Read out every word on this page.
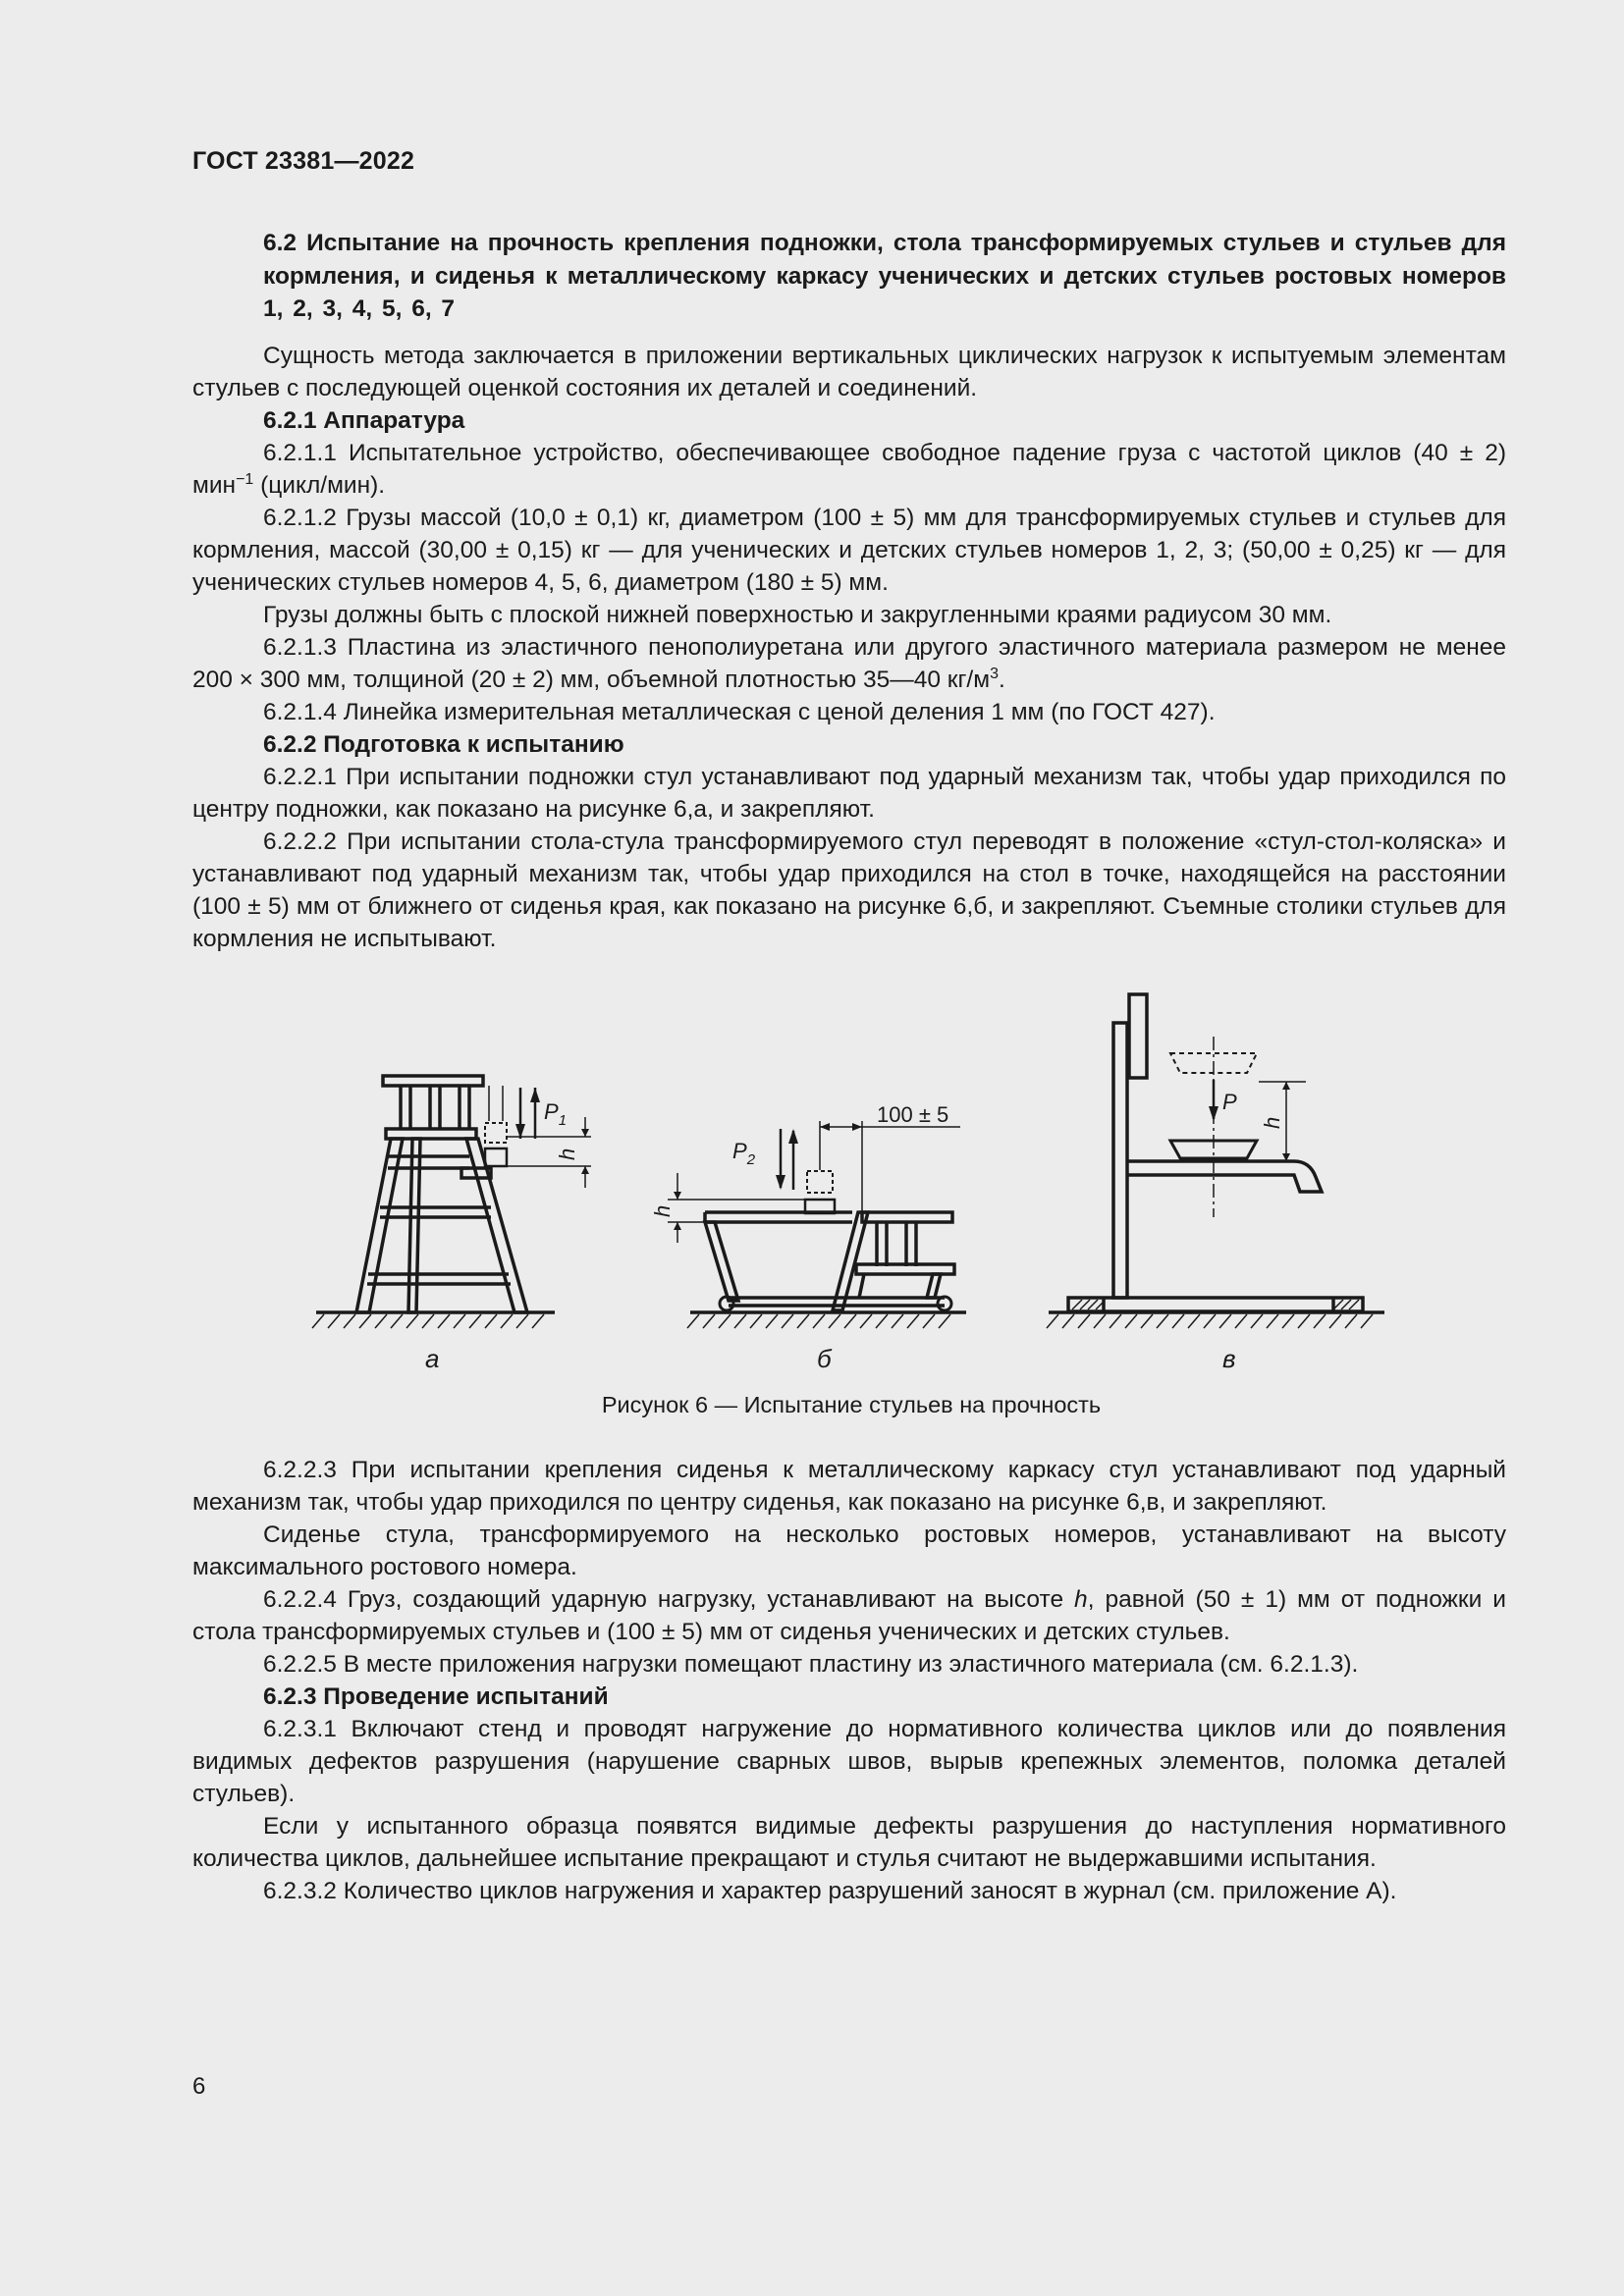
ГОСТ 23381—2022

6.2 Испытание на прочность крепления подножки, стола трансформируемых стульев и стульев для кормления, и сиденья к металлическому каркасу ученических и детских стульев ростовых номеров 1, 2, 3, 4, 5, 6, 7

Сущность метода заключается в приложении вертикальных циклических нагрузок к испытуемым элементам стульев с последующей оценкой состояния их деталей и соединений.

6.2.1 Аппаратура

6.2.1.1 Испытательное устройство, обеспечивающее свободное падение груза с частотой циклов (40 ± 2) мин$^{-1}$ (цикл/мин).

6.2.1.2 Грузы массой (10,0 ± 0,1) кг, диаметром (100 ± 5) мм для трансформируемых стульев и стульев для кормления, массой (30,00 ± 0,15) кг — для ученических и детских стульев номеров 1, 2, 3; (50,00 ± 0,25) кг — для ученических стульев номеров 4, 5, 6, диаметром (180 ± 5) мм.

Грузы должны быть с плоской нижней поверхностью и закругленными краями радиусом 30 мм.

6.2.1.3 Пластина из эластичного пенополиуретана или другого эластичного материала размером не менее 200 × 300 мм, толщиной (20 ± 2) мм, объемной плотностью 35—40 $кг/м^3$.

6.2.1.4 Линейка измерительная металлическая с ценой деления 1 мм (по ГОСТ 427).

6.2.2 Подготовка к испытанию

6.2.2.1 При испытании подножки стул устанавливают под ударный механизм так, чтобы удар приходился по центру подножки, как показано на рисунке 6,а, и закрепляют.

6.2.2.2 При испытании стола-стула трансформируемого стул переводят в положение «стул-стол-коляска» и устанавливают под ударный механизм так, чтобы удар приходился на стол в точке, находящейся на расстоянии (100 ± 5) мм от ближнего от сиденья края, как показано на рисунке 6,б, и закрепляют. Съемные столики стульев для кормления не испытывают.

$P_1$
h	$P_2$
h
100 ± 5
P
h
а	б	в
Рисунок 6 — Испытание стульев на прочность

6.2.2.3 При испытании крепления сиденья к металлическому каркасу стул устанавливают под ударный механизм так, чтобы удар приходился по центру сиденья, как показано на рисунке 6,в, и закрепляют.

Сиденье стула, трансформируемого на несколько ростовых номеров, устанавливают на высоту максимального ростового номера.

6.2.2.4 Груз, создающий ударную нагрузку, устанавливают на высоте h, равной (50 ± 1) мм от подножки и стола трансформируемых стульев и (100 ± 5) мм от сиденья ученических и детских стульев.

6.2.2.5 В месте приложения нагрузки помещают пластину из эластичного материала (см. 6.2.1.3).

6.2.3 Проведение испытаний

6.2.3.1 Включают стенд и проводят нагружение до нормативного количества циклов или до появления видимых дефектов разрушения (нарушение сварных швов, вырыв крепежных элементов, поломка деталей стульев).

Если у испытанного образца появятся видимые дефекты разрушения до наступления нормативного количества циклов, дальнейшее испытание прекращают и стулья считают не выдержавшими испытания.

6.2.3.2 Количество циклов нагружения и характер разрушений заносят в журнал (см. приложение А).

6
